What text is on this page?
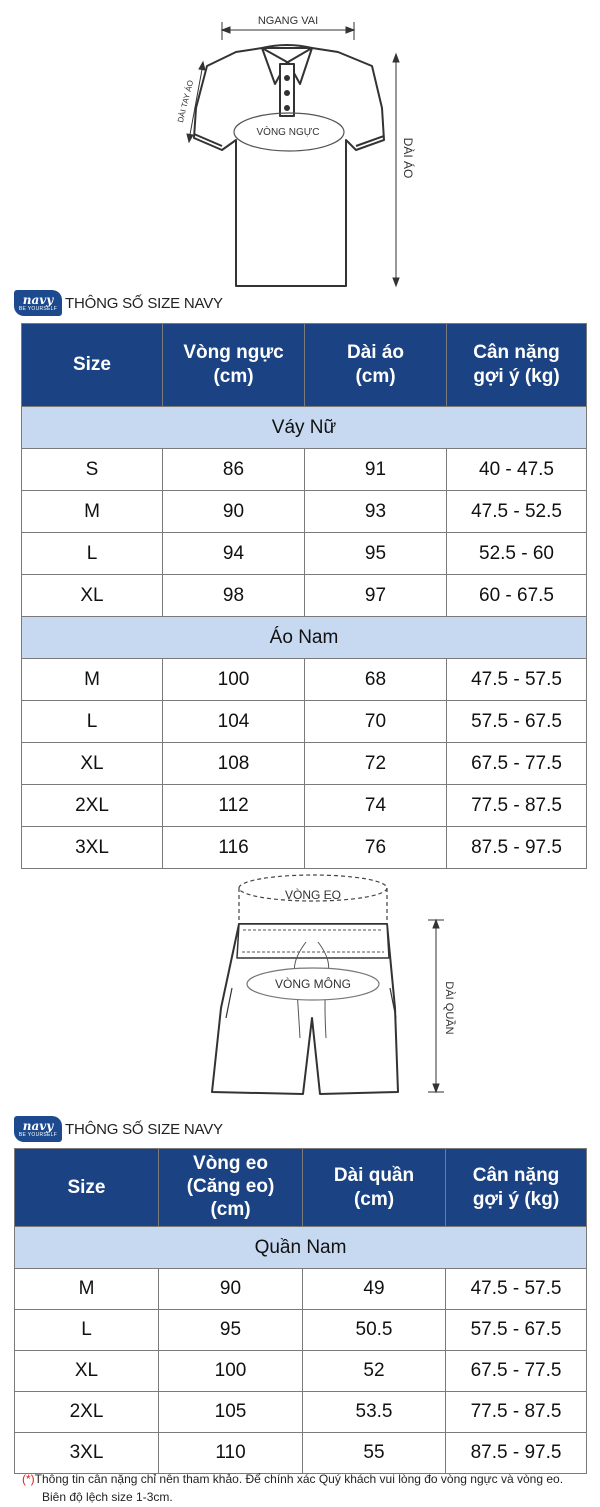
NGANG VAI
VÒNG NGỰC
DÀI TAY ÁO
DÀI ÁO
navy
BE YOURSELF THÔNG SỐ SIZE NAVY
Size	Vòng ngực (cm)	Dài áo (cm)	Cân nặng gợi ý (kg)
Váy Nữ			
S	86	91	40 - 47.5
M	90	93	47.5 - 52.5
L	94	95	52.5 - 60
XL	98	97	60 - 67.5
Áo Nam			
M	100	68	47.5 - 57.5
L	104	70	57.5 - 67.5
XL	108	72	67.5 - 77.5
2XL	112	74	77.5 - 87.5
3XL	116	76	87.5 - 97.5
VÒNG EO
VÒNG MÔNG	DÀI QUẦN
navy
BE YOURSELF THÔNG SỐ SIZE NAVY
Size	Vòng eo (Căng eo) (cm)	Dài quần (cm)	Cân nặng gợi ý (kg)
Quần Nam			
M	90	49	47.5 - 57.5
L	95	50.5	57.5 - 67.5
XL	100	52	67.5 - 77.5
2XL	105	53.5	77.5 - 87.5
3XL	110	55	87.5 - 97.5
(*)Thông tin cân nặng chỉ nên tham khảo. Để chính xác Quý khách vui lòng đo vòng ngực và vòng eo.
Biên độ lệch size 1-3cm.
